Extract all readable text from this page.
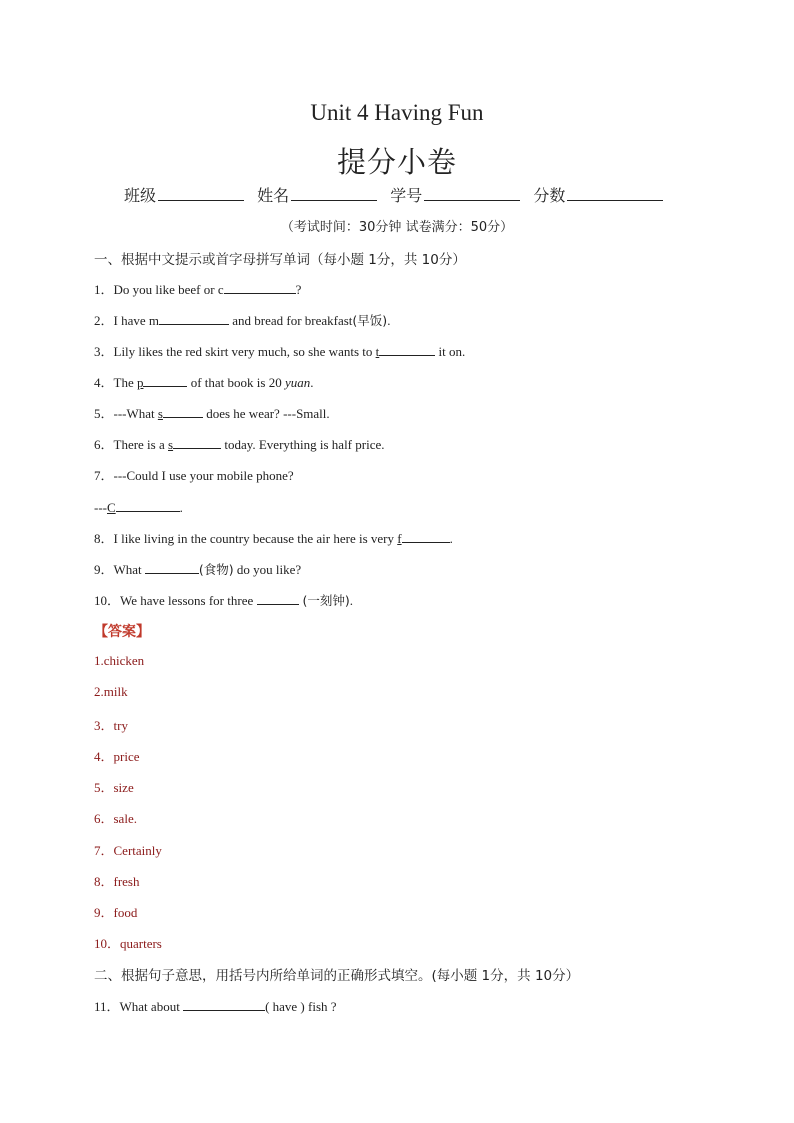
Unit 4 Having Fun
提分小卷
班级	姓名	学号	分数
（考试时间：30分钟 试卷满分：50分）
一、根据中文提示或首字母拼写单词（每小题 1分，共 10分）
1．Do you like beef or c	?
2．I have m	and bread for breakfast(早饭).
3．Lily likes the red skirt very much, so she wants to t	it on.
4．The p	of that book is 20 yuan.
5．---What s	does he wear? ---Small.
6．There is a s	today. Everything is half price.
7．---Could I use your mobile phone?
---C	.
8．I like living in the country because the air here is very f	.
9．What	(食物) do you like?
10．We have lessons for three	(一刻钟).
【答案】
1.chicken
2.milk
3．try
4．price
5．size
6．sale.
7．Certainly
8．fresh
9．food
10．quarters
二、根据句子意思，用括号内所给单词的正确形式填空。(每小题 1分，共 10分）
11．What about	( have ) fish ?
